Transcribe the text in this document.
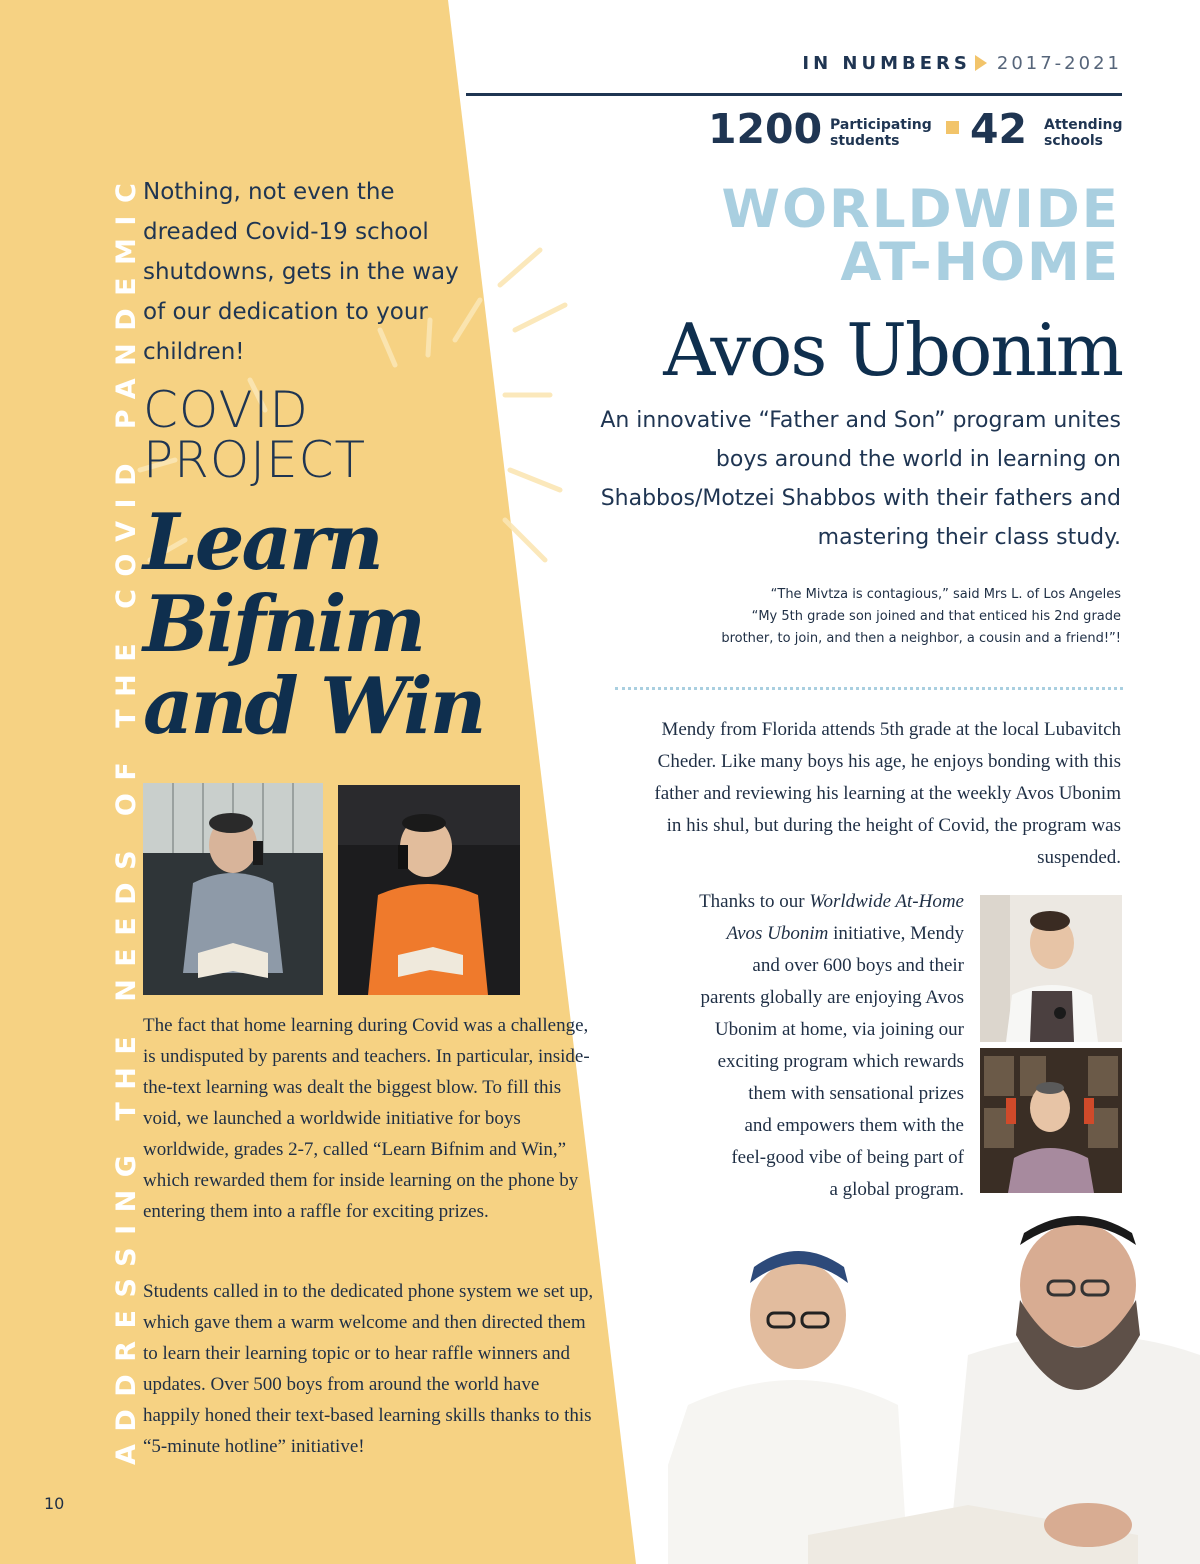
ADDRESSING THE NEEDS OF THE COVID PANDEMIC
10
Nothing, not even the dreaded Covid-19 school shutdowns, gets in the way of our dedication to your children!
COVID
PROJECT
Learn
Bifnim
and Win

The fact that home learning during Covid was a challenge, is undisputed by parents and teachers. In particular, inside-the-text learning was dealt the biggest blow. To fill this void, we launched a worldwide initiative for boys worldwide, grades 2-7, called “Learn Bifnim and Win,” which rewarded them for inside learning on the phone by entering them into a raffle for exciting prizes.

Students called in to the dedicated phone system we set up, which gave them a warm welcome and then directed them to learn their learning topic or to hear raffle winners and updates. Over 500 boys from around the world have happily honed their text-based learning skills thanks to this “5-minute hotline” initiative!

IN NUMBERS 2017-2021
1200 Participating
students	42 Attending
schools
WORLDWIDE
AT-HOME
Avos Ubonim
An innovative “Father and Son” program unites boys around the world in learning on Shabbos/Motzei Shabbos with their fathers and mastering their class study.
“The Mivtza is contagious,” said Mrs L. of Los Angeles
“My 5th grade son joined and that enticed his 2nd grade
brother, to join, and then a neighbor, a cousin and a friend!”!

Mendy from Florida attends 5th grade at the local Lubavitch Cheder. Like many boys his age, he enjoys bonding with this father and reviewing his learning at the weekly Avos Ubonim in his shul, but during the height of Covid, the program was suspended.

Thanks to our Worldwide At-Home
Avos Ubonim initiative, Mendy
and over 600 boys and their
parents globally are enjoying Avos
Ubonim at home, via joining our
exciting program which rewards
them with sensational prizes
and empowers them with the
feel-good vibe of being part of
a global program.
